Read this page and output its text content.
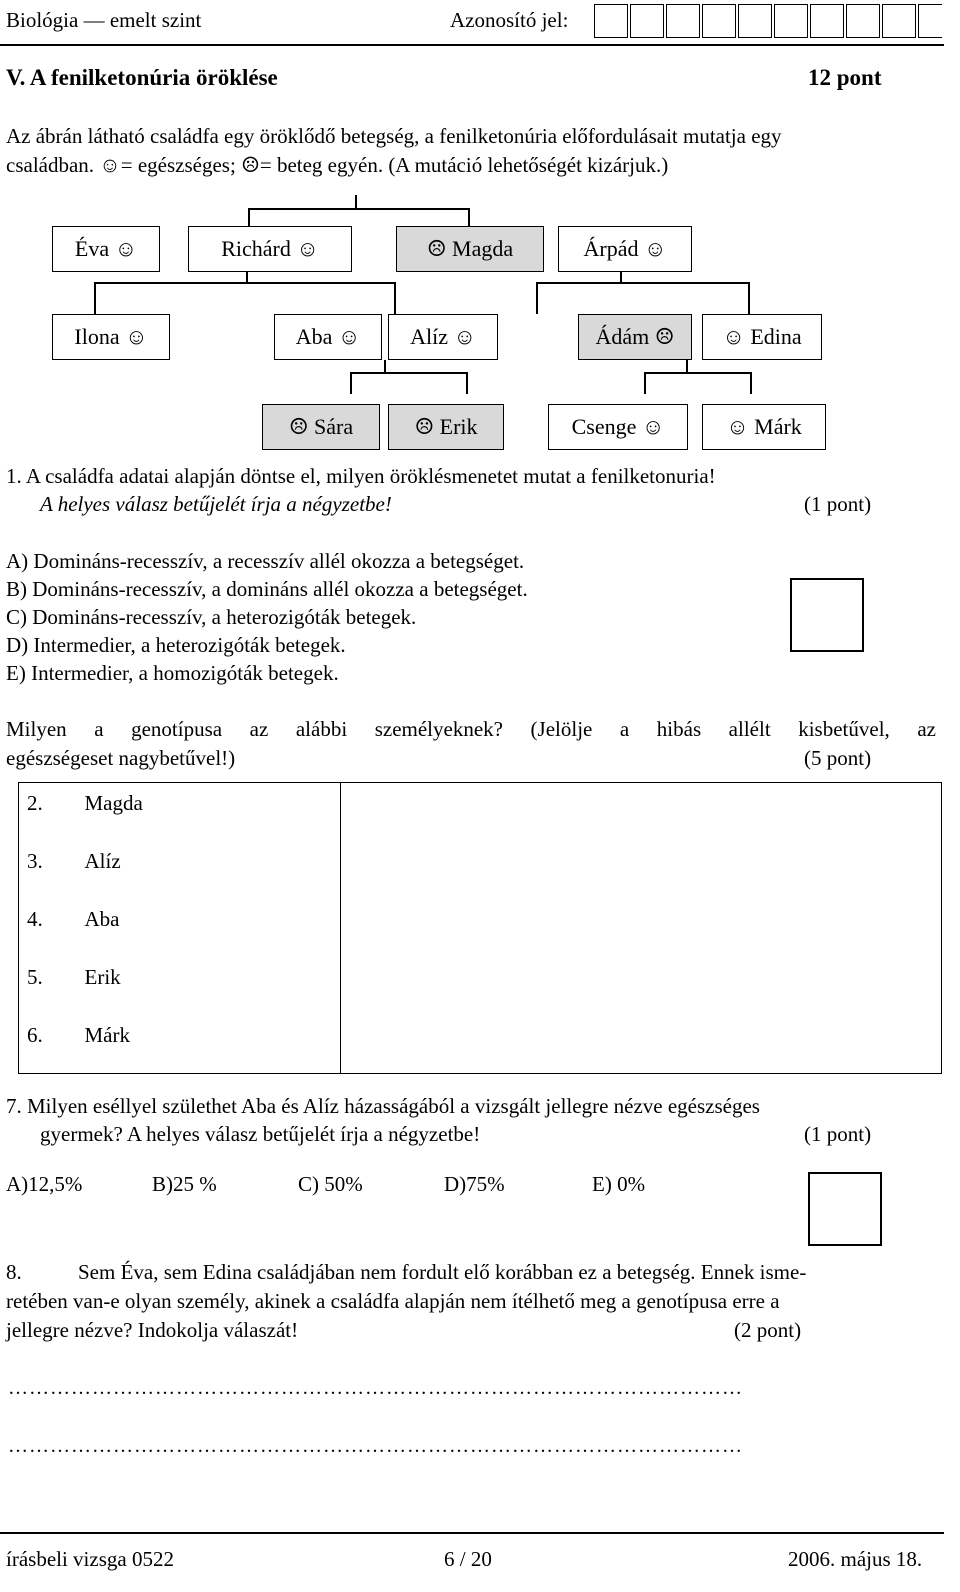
Biológia — emelt szint	Azonosító jel:
V. A fenilketonúria öröklése	12 pont
Az ábrán látható családfa egy öröklődő betegség, a fenilketonúria előfordulásait mutatja egy
családban. ☺= egészséges; ☹= beteg egyén. (A mutáció lehetőségét kizárjuk.)
Éva ☺	Richárd ☺	☹ Magda	Árpád ☺
Ilona ☺	Aba ☺	Alíz ☺	Ádám ☹	☺ Edina
☹ Sára	☹ Erik	Csenge ☺	☺ Márk
1. A családfa adatai alapján döntse el, milyen öröklésmenetet mutat a fenilketonuria!
A helyes válasz betűjelét írja a négyzetbe!	(1 pont)
A) Domináns-recesszív, a recesszív allél okozza a betegséget.
B) Domináns-recesszív, a domináns allél okozza a betegséget.
C) Domináns-recesszív, a heterozigóták betegek.
D) Intermedier, a heterozigóták betegek.
E) Intermedier, a homozigóták betegek.
Milyen a genotípusa az alábbi személyeknek? (Jelölje a hibás allélt kisbetűvel, az
egészségeset nagybetűvel!)	(5 pont)
2.	Magda	
3.	Alíz	
4.	Aba	
5.	Erik	
6.	Márk	
7. Milyen eséllyel születhet Aba és Alíz házasságából a vizsgált jellegre nézve egészséges
gyermek? A helyes válasz betűjelét írja a négyzetbe!	(1 pont)
A)12,5%	B)25 %	C) 50%	D)75%	E) 0%
8.	Sem Éva, sem Edina családjában nem fordult elő korábban ez a betegség. Ennek isme-
retében van-e olyan személy, akinek a családfa alapján nem ítélhető meg a genotípusa erre a
jellegre nézve? Indokolja válaszát!	(2 pont)
……………………………………………………………………………………………
……………………………………………………………………………………………
írásbeli vizsga 0522	6 / 20	2006. május 18.
